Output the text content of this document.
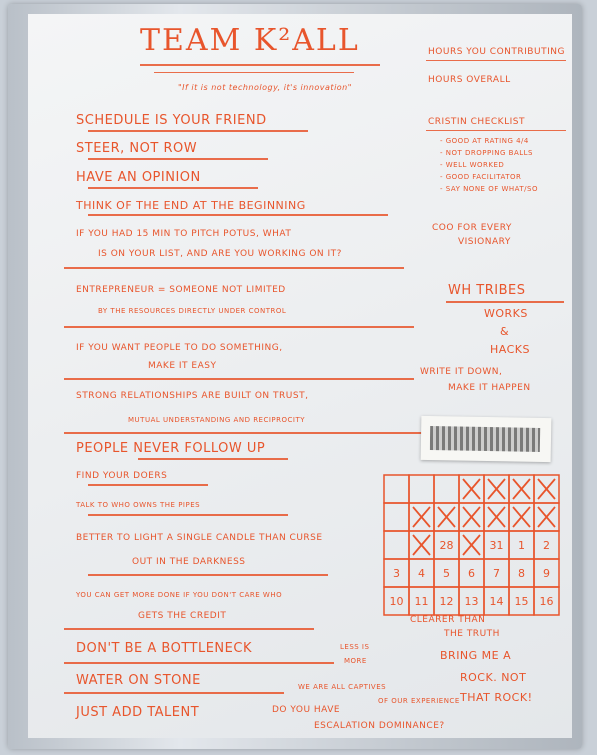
TEAM K²ALL
"If it is not technology, it's innovation"
SCHEDULE IS YOUR FRIEND
STEER, NOT ROW
HAVE AN OPINION
THINK OF THE END AT THE BEGINNING
IF YOU HAD 15 MIN TO PITCH POTUS, WHAT
IS ON YOUR LIST, AND ARE YOU WORKING ON IT?
ENTREPRENEUR = SOMEONE NOT LIMITED
BY THE RESOURCES DIRECTLY UNDER CONTROL
IF YOU WANT PEOPLE TO DO SOMETHING,
MAKE IT EASY
STRONG RELATIONSHIPS ARE BUILT ON TRUST,
MUTUAL UNDERSTANDING AND RECIPROCITY
PEOPLE NEVER FOLLOW UP
FIND YOUR DOERS
TALK TO WHO OWNS THE PIPES
BETTER TO LIGHT A SINGLE CANDLE THAN CURSE
OUT IN THE DARKNESS
YOU CAN GET MORE DONE IF YOU DON'T CARE WHO
GETS THE CREDIT
DON'T BE A BOTTLENECK
WATER ON STONE
JUST ADD TALENT
HOURS YOU CONTRIBUTING
HOURS OVERALL
CRISTIN CHECKLIST
- GOOD AT RATING 4/4
- NOT DROPPING BALLS
- WELL WORKED
- GOOD FACILITATOR
- SAY NONE OF WHAT/SO
COO FOR EVERY
VISIONARY
WH TRIBES
WORKS
&
HACKS
WRITE IT DOWN,
MAKE IT HAPPEN
28	31 1 2
3 4 5 6 7 8 9
10 11 12 13 14 15 16
CLEARER THAN
THE TRUTH
BRING ME A
ROCK. NOT
THAT ROCK!
LESS IS
MORE
WE ARE ALL CAPTIVES
OF OUR EXPERIENCE
DO YOU HAVE
ESCALATION DOMINANCE?
